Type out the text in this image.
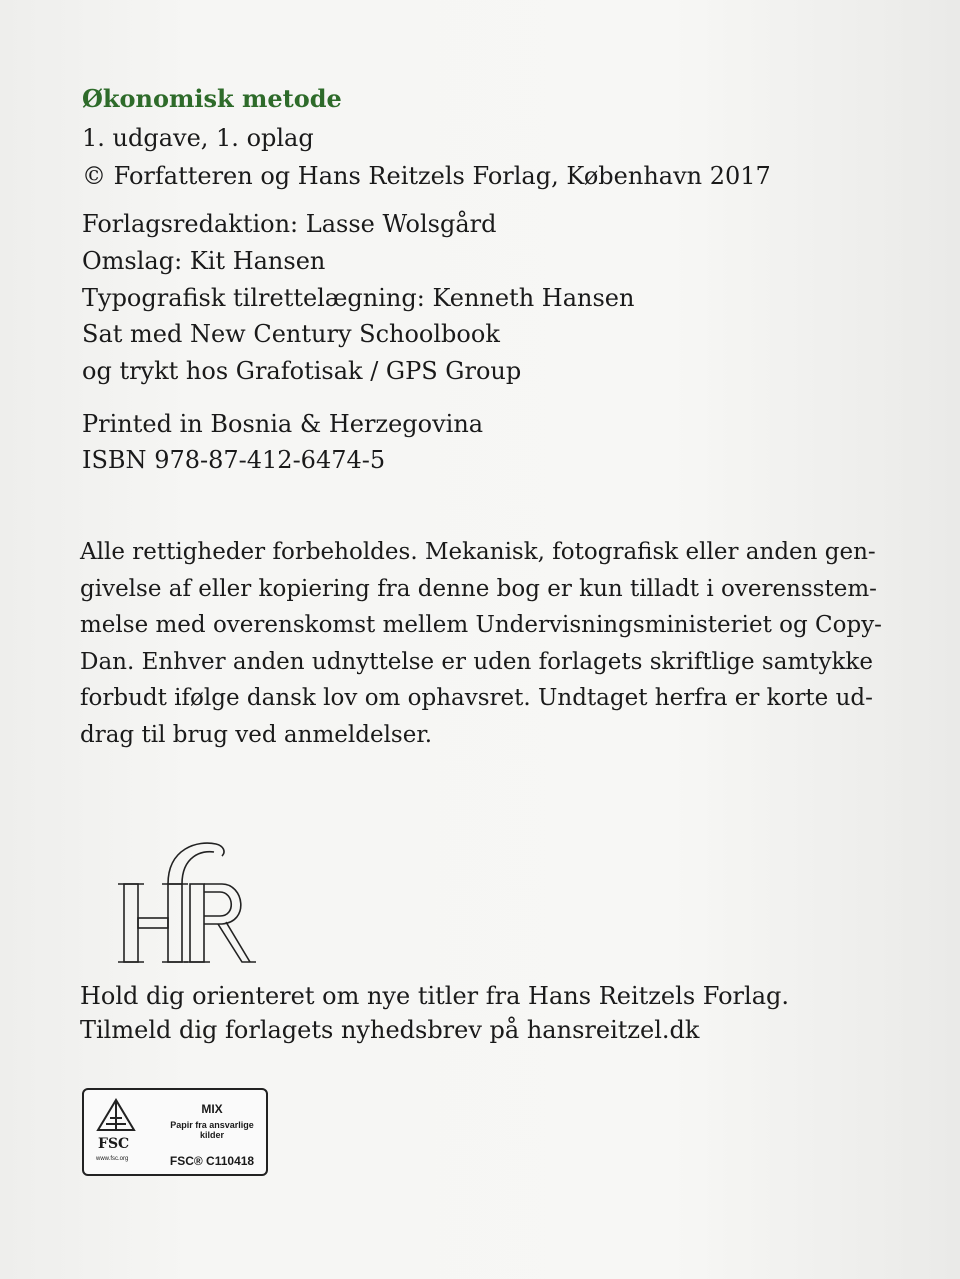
Økonomisk metode
1. udgave, 1. oplag
© Forfatteren og Hans Reitzels Forlag, København 2017
Forlagsredaktion: Lasse Wolsgård
Omslag: Kit Hansen
Typografisk tilrettelægning: Kenneth Hansen
Sat med New Century Schoolbook
og trykt hos Grafotisak / GPS Group
Printed in Bosnia & Herzegovina
ISBN 978-87-412-6474-5
Alle rettigheder forbeholdes. Mekanisk, fotografisk eller anden gen-
givelse af eller kopiering fra denne bog er kun tilladt i overensstem-
melse med overenskomst mellem Undervisningsministeriet og Copy-
Dan. Enhver anden udnyttelse er uden forlagets skriftlige samtykke
forbudt ifølge dansk lov om ophavsret. Undtaget herfra er korte ud-
drag til brug ved anmeldelser.
Hold dig orienteret om nye titler fra Hans Reitzels Forlag.
Tilmeld dig forlagets nyhedsbrev på hansreitzel.dk
FSC
www.fsc.org
MIX
Papir fra ansvarlige kilder
FSC® C110418
